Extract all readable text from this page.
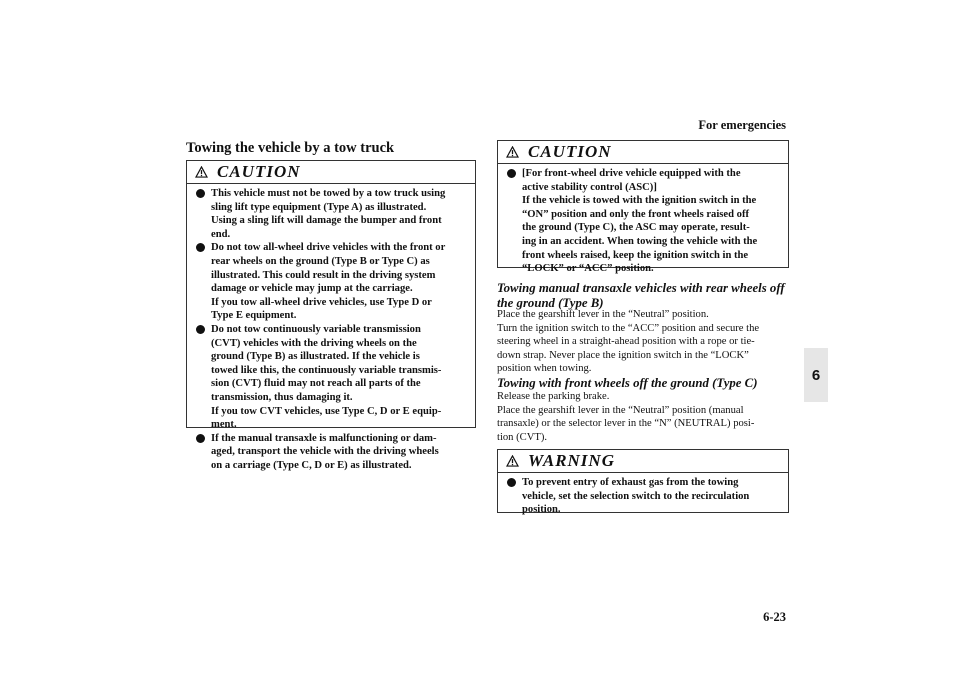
For emergencies
6-23
6
Towing the vehicle by a tow truck
CAUTION
This vehicle must not be towed by a tow truck using
sling lift type equipment (Type A) as illustrated.
Using a sling lift will damage the bumper and front
end.
Do not tow all-wheel drive vehicles with the front or
rear wheels on the ground (Type B or Type C) as
illustrated. This could result in the driving system
damage or vehicle may jump at the carriage.
If you tow all-wheel drive vehicles, use Type D or
Type E equipment.
Do not tow continuously variable transmission
(CVT) vehicles with the driving wheels on the
ground (Type B) as illustrated. If the vehicle is
towed like this, the continuously variable transmis-
sion (CVT) fluid may not reach all parts of the
transmission, thus damaging it.
If you tow CVT vehicles, use Type C, D or E equip-
ment.
If the manual transaxle is malfunctioning or dam-
aged, transport the vehicle with the driving wheels
on a carriage (Type C, D or E) as illustrated.
CAUTION
[For front-wheel drive vehicle equipped with the
active stability control (ASC)]
If the vehicle is towed with the ignition switch in the
“ON” position and only the front wheels raised off
the ground (Type C), the ASC may operate, result-
ing in an accident. When towing the vehicle with the
front wheels raised, keep the ignition switch in the
“LOCK” or “ACC” position.
Towing manual transaxle vehicles with rear wheels off
the ground (Type B)

Place the gearshift lever in the “Neutral” position.
Turn the ignition switch to the “ACC” position and secure the
steering wheel in a straight-ahead position with a rope or tie-
down strap. Never place the ignition switch in the “LOCK”
position when towing.

Towing with front wheels off the ground (Type C)

Release the parking brake.
Place the gearshift lever in the “Neutral” position (manual
transaxle) or the selector lever in the “N” (NEUTRAL) posi-
tion (CVT).

WARNING
To prevent entry of exhaust gas from the towing
vehicle, set the selection switch to the recirculation
position.
